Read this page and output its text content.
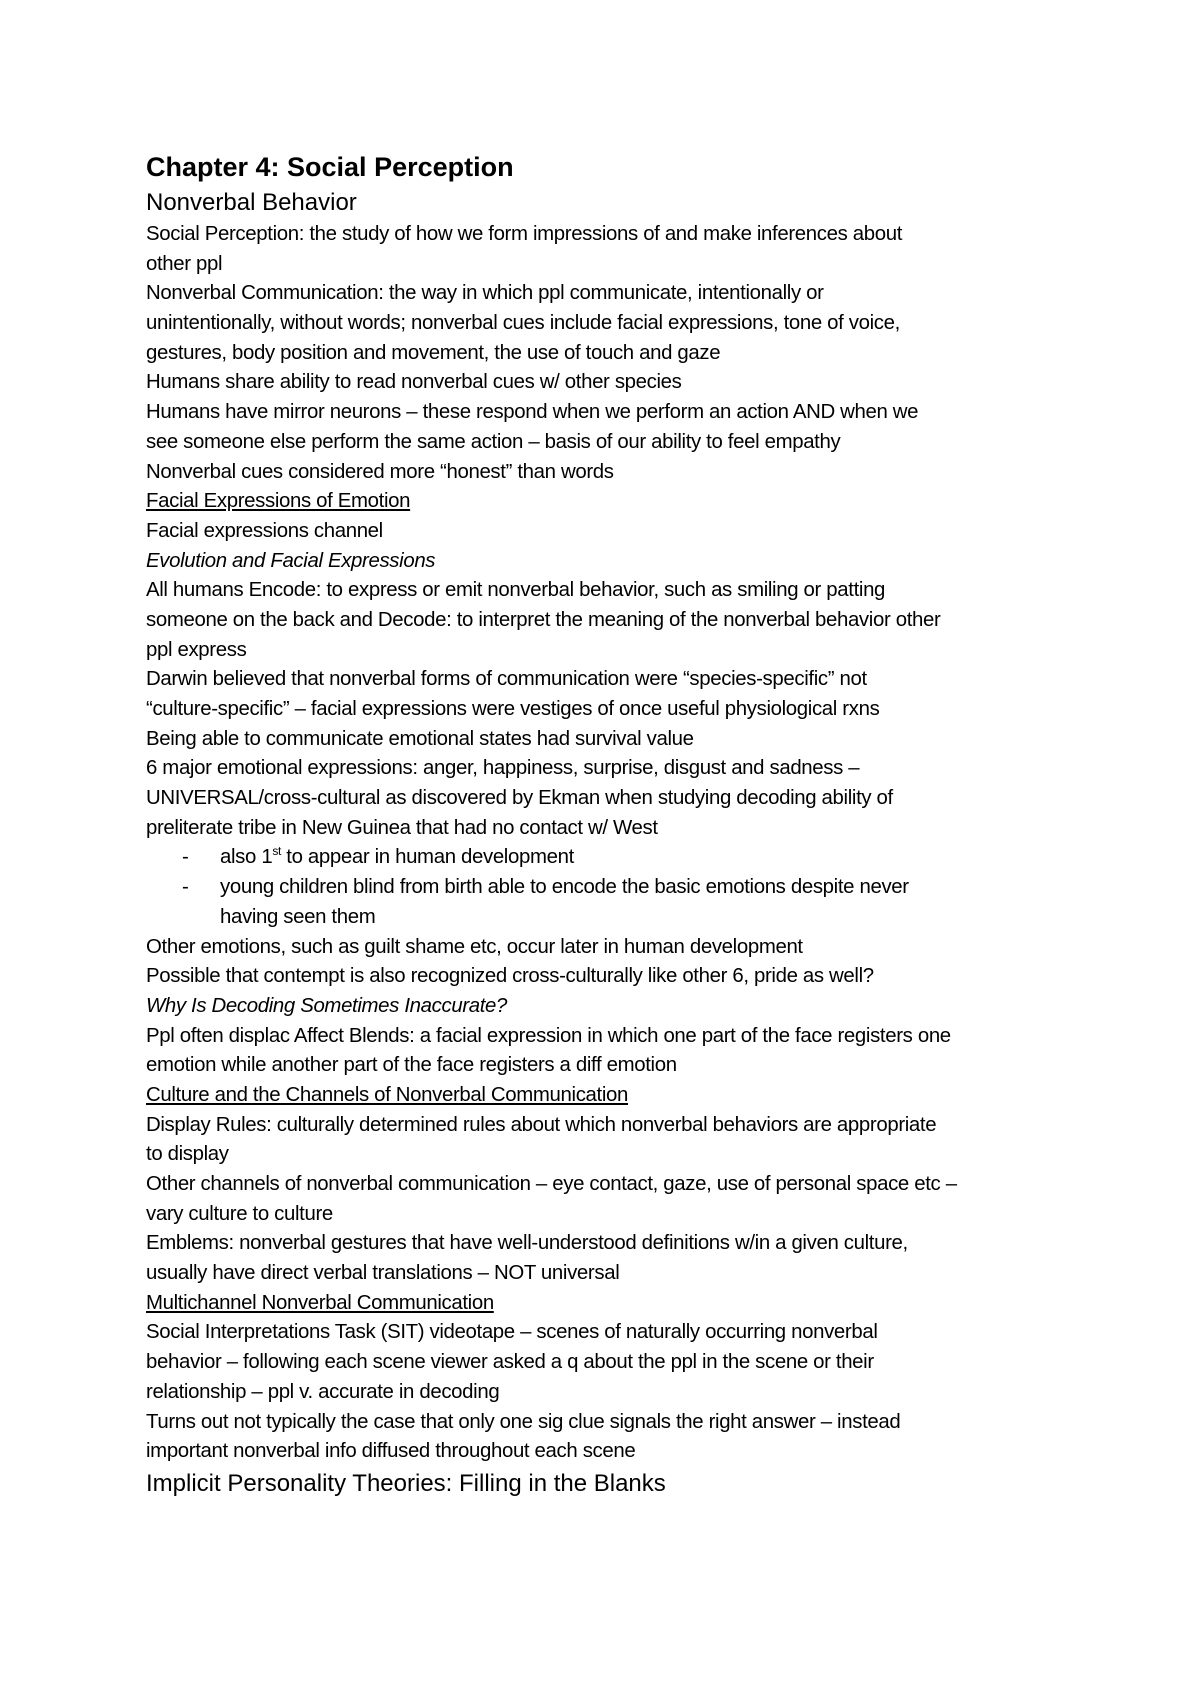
Chapter 4: Social Perception
Nonverbal Behavior
Social Perception: the study of how we form impressions of and make inferences about
other ppl
Nonverbal Communication: the way in which ppl communicate, intentionally or
unintentionally, without words; nonverbal cues include facial expressions, tone of voice,
gestures, body position and movement, the use of touch and gaze
Humans share ability to read nonverbal cues w/ other species
Humans have mirror neurons – these respond when we perform an action AND when we
see someone else perform the same action – basis of our ability to feel empathy
Nonverbal cues considered more “honest” than words
Facial Expressions of Emotion
Facial expressions channel
Evolution and Facial Expressions
All humans Encode: to express or emit nonverbal behavior, such as smiling or patting
someone on the back and Decode: to interpret the meaning of the nonverbal behavior other
ppl express
Darwin believed that nonverbal forms of communication were “species-specific” not
“culture-specific” – facial expressions were vestiges of once useful physiological rxns
Being able to communicate emotional states had survival value
6 major emotional expressions: anger, happiness, surprise, disgust and sadness –
UNIVERSAL/cross-cultural as discovered by Ekman when studying decoding ability of
preliterate tribe in New Guinea that had no contact w/ West
- also 1st to appear in human development
- young children blind from birth able to encode the basic emotions despite never
having seen them
Other emotions, such as guilt shame etc, occur later in human development
Possible that contempt is also recognized cross-culturally like other 6, pride as well?
Why Is Decoding Sometimes Inaccurate?
Ppl often displac Affect Blends: a facial expression in which one part of the face registers one
emotion while another part of the face registers a diff emotion
Culture and the Channels of Nonverbal Communication
Display Rules: culturally determined rules about which nonverbal behaviors are appropriate
to display
Other channels of nonverbal communication – eye contact, gaze, use of personal space etc –
vary culture to culture
Emblems: nonverbal gestures that have well-understood definitions w/in a given culture,
usually have direct verbal translations – NOT universal
Multichannel Nonverbal Communication
Social Interpretations Task (SIT) videotape – scenes of naturally occurring nonverbal
behavior – following each scene viewer asked a q about the ppl in the scene or their
relationship – ppl v. accurate in decoding
Turns out not typically the case that only one sig clue signals the right answer – instead
important nonverbal info diffused throughout each scene
Implicit Personality Theories: Filling in the Blanks
